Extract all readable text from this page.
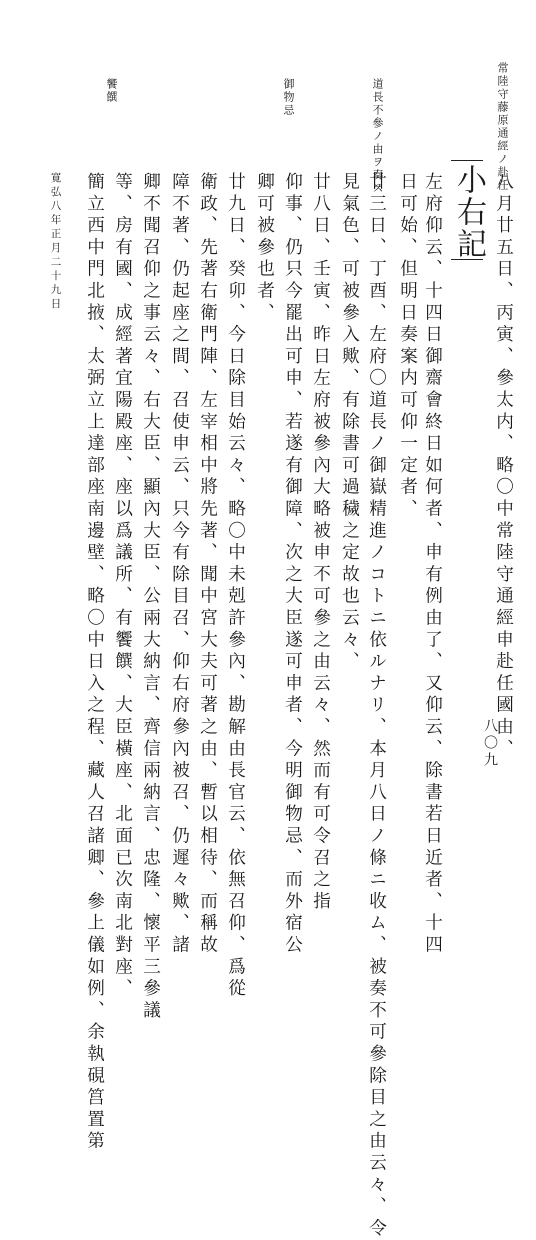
八〇九
常陸守藤原通經ノ赴任
道長不參ノ由ヲ奏ス
御物忌
饗饌
八月廿五日、丙寅、參太内、略〇中常陸守通經申赴任國由、
小右記
左府仰云、十四日御齋會終日如何者、申有例由了、又仰云、除書若日近者、十四
日可始、但明日奏案内可仰一定者、
廿三日、丁酉、左府〇道長ノ御嶽精進ノコトニ依ルナリ、本月八日ノ條ニ收ム、被奏不可參除目之由云々、令
見氣色、可被參入歟、有除書可過穢之定故也云々、
廿八日、壬寅、昨日左府被參內大略被申不可參之由云々、然而有可令召之指
仰事、仍只今罷出可申、若遂有御障、次之大臣遂可申者、今明御物忌、而外宿公
卿可被參也者、
廿九日、癸卯、今日除目始云々、略〇中未剋許參內、勘解由長官云、依無召仰、爲從
衛政、先著右衛門陣、左宰相中將先著、聞中宮大夫可著之由、暫以相待、而稱故
障不著、仍起座之間、召使申云、只今有除目召、仰右府參內被召、仍遲々歟、諸
卿不聞召仰之事云々、右大臣、顯內大臣、公兩大納言、齊信兩納言、忠隆、懷平三參議
等、房有國、成經著宜陽殿座、座以爲議所、有饗饌、大臣橫座、北面已次南北對座、
簡立西中門北掖、太弼立上達部座南邊壁、略〇中日入之程、藏人召諸卿、參上儀如例、余執硯筥置第
寛弘八年正月二十九日
